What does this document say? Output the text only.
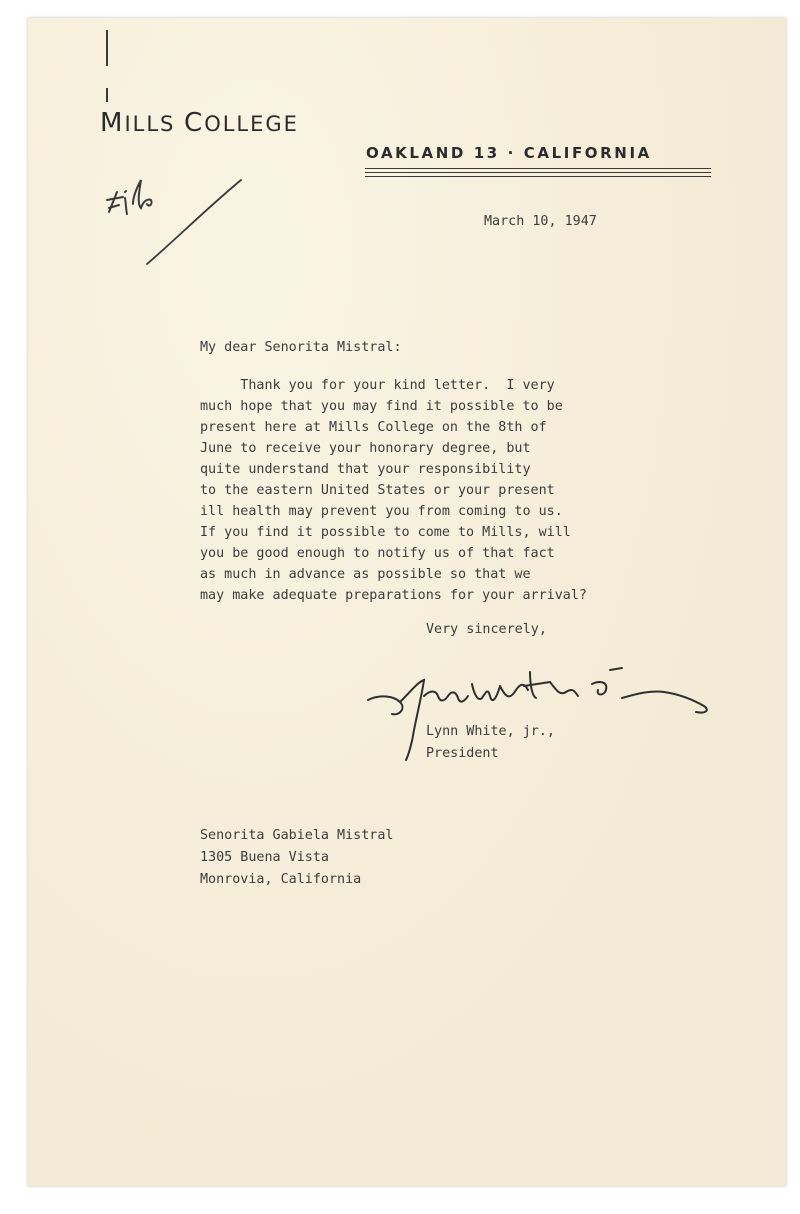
MILLS COLLEGE
OAKLAND 13 · CALIFORNIA
March 10, 1947
My dear Senorita Mistral:
Thank you for your kind letter.  I very
much hope that you may find it possible to be
present here at Mills College on the 8th of
June to receive your honorary degree, but
quite understand that your responsibility
to the eastern United States or your present
ill health may prevent you from coming to us.
If you find it possible to come to Mills, will
you be good enough to notify us of that fact
as much in advance as possible so that we
may make adequate preparations for your arrival?
Very sincerely,
Lynn White, jr.,
President
Senorita Gabiela Mistral
1305 Buena Vista
Monrovia, California
